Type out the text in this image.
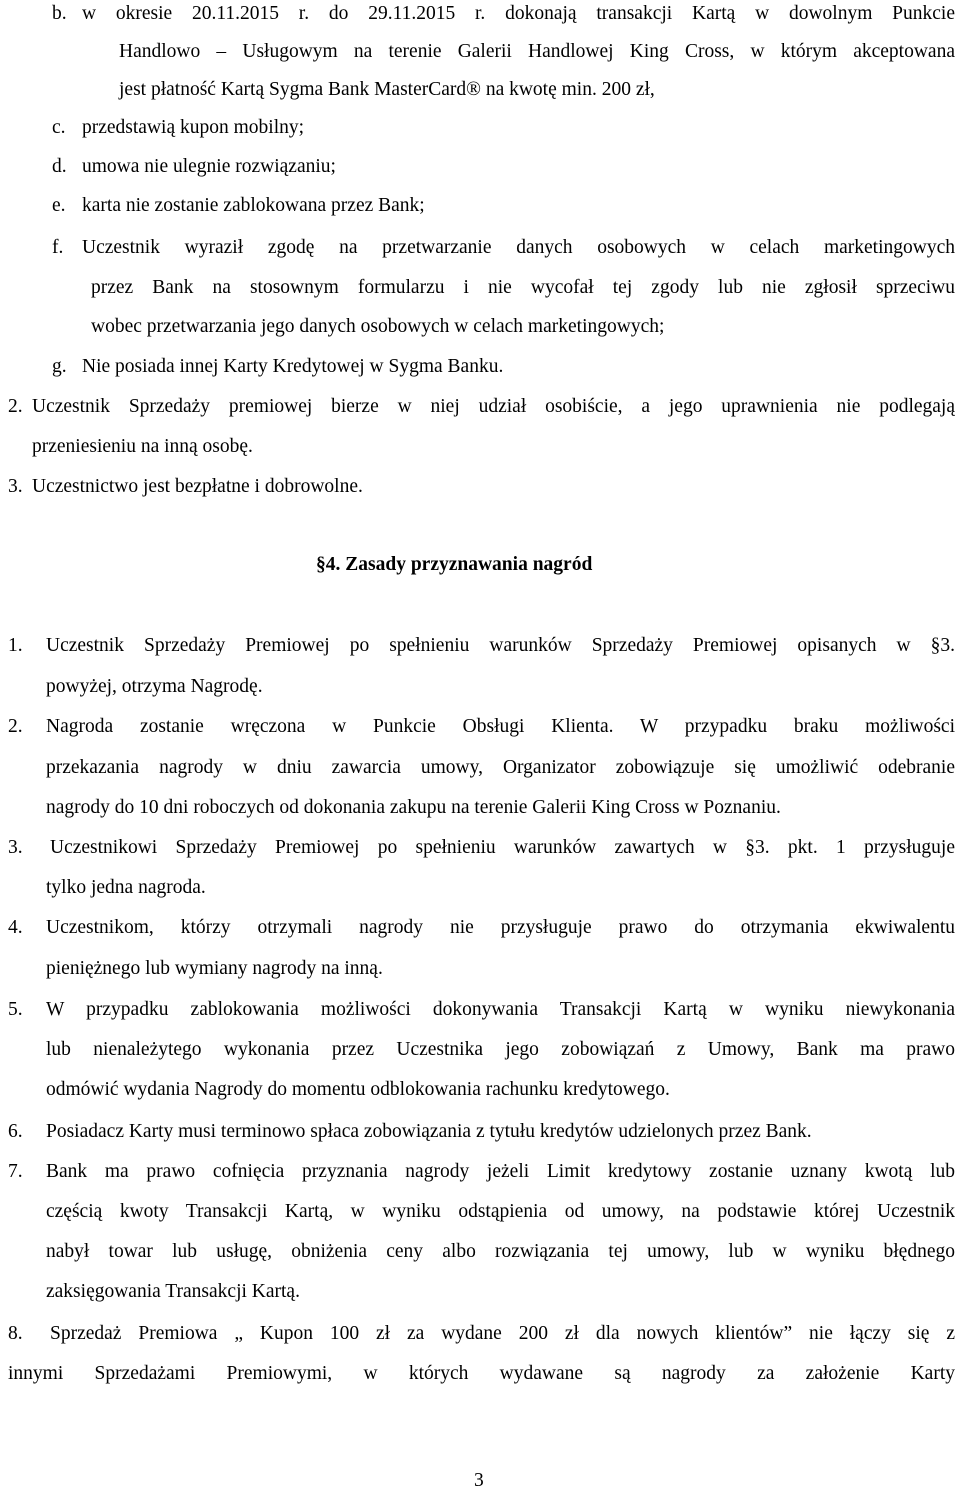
b. w okresie 20.11.2015 r. do 29.11.2015 r. dokonają transakcji Kartą w dowolnym Punkcie
Handlowo – Usługowym na terenie Galerii Handlowej King Cross, w którym akceptowana
jest płatność Kartą Sygma Bank MasterCard® na kwotę min. 200 zł,
c. przedstawią kupon mobilny;
d. umowa nie ulegnie rozwiązaniu;
e. karta nie zostanie zablokowana przez Bank;
f. Uczestnik wyraził zgodę na przetwarzanie danych osobowych w celach marketingowych
przez Bank na stosownym formularzu i nie wycofał tej zgody lub nie zgłosił sprzeciwu
wobec przetwarzania jego danych osobowych w celach marketingowych;
g. Nie posiada innej Karty Kredytowej w Sygma Banku.
2. Uczestnik Sprzedaży premiowej bierze w niej udział osobiście, a jego uprawnienia nie podlegają
przeniesieniu na inną osobę.
3. Uczestnictwo jest bezpłatne i dobrowolne.
§4. Zasady przyznawania nagród
1. Uczestnik Sprzedaży Premiowej po spełnieniu warunków Sprzedaży Premiowej opisanych w §3.
powyżej, otrzyma Nagrodę.
2. Nagroda zostanie wręczona w Punkcie Obsługi Klienta. W przypadku braku możliwości
przekazania nagrody w dniu zawarcia umowy, Organizator zobowiązuje się umożliwić odebranie
nagrody do 10 dni roboczych od dokonania zakupu na terenie Galerii King Cross w Poznaniu.
3. Uczestnikowi Sprzedaży Premiowej po spełnieniu warunków zawartych w §3. pkt. 1 przysługuje
tylko jedna nagroda.
4. Uczestnikom, którzy otrzymali nagrody nie przysługuje prawo do otrzymania ekwiwalentu
pieniężnego lub wymiany nagrody na inną.
5. W przypadku zablokowania możliwości dokonywania Transakcji Kartą w wyniku niewykonania
lub nienależytego wykonania przez Uczestnika jego zobowiązań z Umowy, Bank ma prawo
odmówić wydania Nagrody do momentu odblokowania rachunku kredytowego.
6. Posiadacz Karty musi terminowo spłaca zobowiązania z tytułu kredytów udzielonych przez Bank.
7. Bank ma prawo cofnięcia przyznania nagrody jeżeli Limit kredytowy zostanie uznany kwotą lub
częścią kwoty Transakcji Kartą, w wyniku odstąpienia od umowy, na podstawie której Uczestnik
nabył towar lub usługę, obniżenia ceny albo rozwiązania tej umowy, lub w wyniku błędnego
zaksięgowania Transakcji Kartą.
8. Sprzedaż Premiowa „ Kupon 100 zł za wydane 200 zł dla nowych klientów” nie łączy się z
innymi Sprzedażami Premiowymi, w których wydawane są nagrody za założenie Karty
3
